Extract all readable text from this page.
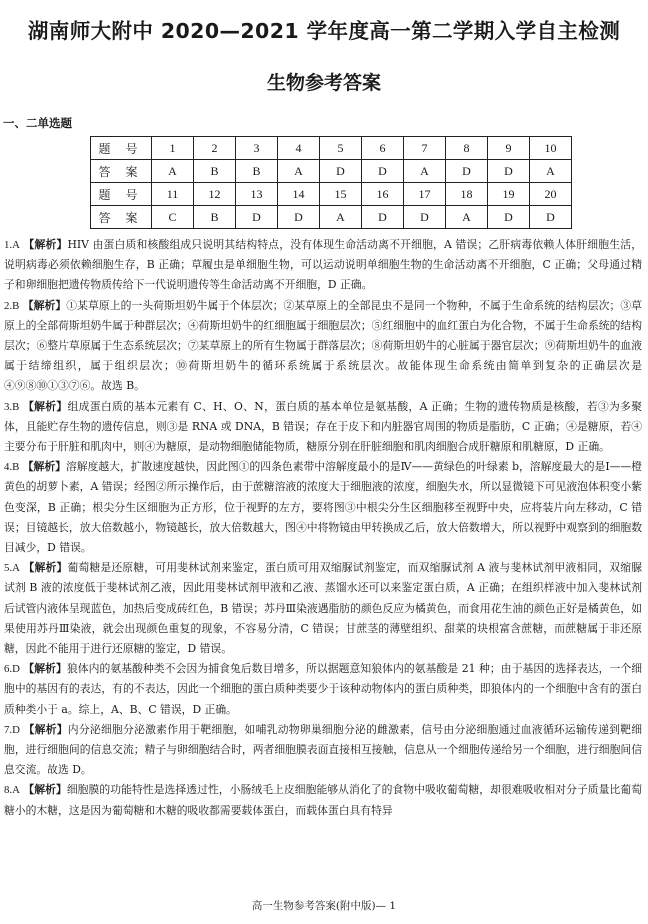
湖南师大附中 2020—2021 学年度高一第二学期入学自主检测
生物参考答案
一、二单选题
题 号	1	2	3	4	5	6	7	8	9	10
答 案	A	B	B	A	D	D	A	D	D	A
题 号	11	12	13	14	15	16	17	18	19	20
答 案	C	B	D	D	A	D	D	A	D	D

1.A 【解析】HIV 由蛋白质和核酸组成只说明其结构特点，没有体现生命活动离不开细胞，A 错误；乙肝病毒依赖人体肝细胞生活，说明病毒必须依赖细胞生存，B 正确；草履虫是单细胞生物，可以运动说明单细胞生物的生命活动离不开细胞，C 正确；父母通过精子和卵细胞把遗传物质传给下一代说明遗传等生命活动离不开细胞，D 正确。

2.B 【解析】①某草原上的一头荷斯坦奶牛属于个体层次；②某草原上的全部昆虫不是同一个物种，不属于生命系统的结构层次；③草原上的全部荷斯坦奶牛属于种群层次；④荷斯坦奶牛的红细胞属于细胞层次；⑤红细胞中的血红蛋白为化合物，不属于生命系统的结构层次；⑥整片草原属于生态系统层次；⑦某草原上的所有生物属于群落层次；⑧荷斯坦奶牛的心脏属于器官层次；⑨荷斯坦奶牛的血液属于结缔组织，属于组织层次；⑩荷斯坦奶牛的循环系统属于系统层次。故能体现生命系统由简单到复杂的正确层次是④⑨⑧⑩①③⑦⑥。故选 B。

3.B 【解析】组成蛋白质的基本元素有 C、H、O、N，蛋白质的基本单位是氨基酸，A 正确；生物的遗传物质是核酸，若③为多聚体，且能贮存生物的遗传信息，则③是 RNA 或 DNA，B 错误；存在于皮下和内脏器官周围的物质是脂肪，C 正确；④是糖原，若④主要分布于肝脏和肌肉中，则④为糖原，是动物细胞储能物质，糖原分别在肝脏细胞和肌肉细胞合成肝糖原和肌糖原，D 正确。

4.B 【解析】溶解度越大，扩散速度越快，因此图①的四条色素带中溶解度最小的是Ⅳ——黄绿色的叶绿素 b，溶解度最大的是Ⅰ——橙黄色的胡萝卜素，A 错误；经图②所示操作后，由于蔗糖溶液的浓度大于细胞液的浓度，细胞失水，所以显微镜下可见液泡体积变小紫色变深，B 正确；根尖分生区细胞为正方形，位于视野的左方，要将图③中根尖分生区细胞移至视野中央，应将装片向左移动，C 错误；目镜越长，放大倍数越小，物镜越长，放大倍数越大，图④中将物镜由甲转换成乙后，放大倍数增大，所以视野中观察到的细胞数目减少，D 错误。

5.A 【解析】葡萄糖是还原糖，可用斐林试剂来鉴定，蛋白质可用双缩脲试剂鉴定，而双缩脲试剂 A 液与斐林试剂甲液相同，双缩脲试剂 B 液的浓度低于斐林试剂乙液，因此用斐林试剂甲液和乙液、蒸馏水还可以来鉴定蛋白质，A 正确；在组织样液中加入斐林试剂后试管内液体呈现蓝色，加热后变成砖红色，B 错误；苏丹Ⅲ染液遇脂肪的颜色反应为橘黄色，而食用花生油的颜色正好是橘黄色，如果使用苏丹Ⅲ染液，就会出现颜色重复的现象，不容易分清，C 错误；甘蔗茎的薄壁组织、甜菜的块根富含蔗糖，而蔗糖属于非还原糖，因此不能用于进行还原糖的鉴定，D 错误。

6.D 【解析】狼体内的氨基酸种类不会因为捕食兔后数目增多，所以据题意知狼体内的氨基酸是 21 种；由于基因的选择表达，一个细胞中的基因有的表达，有的不表达，因此一个细胞的蛋白质种类要少于该种动物体内的蛋白质种类，即狼体内的一个细胞中含有的蛋白质种类小于 a。综上，A、B、C 错误，D 正确。

7.D 【解析】内分泌细胞分泌激素作用于靶细胞，如哺乳动物卵巢细胞分泌的雌激素，信号由分泌细胞通过血液循环运输传递到靶细胞，进行细胞间的信息交流；精子与卵细胞结合时，两者细胞膜表面直接相互接触，信息从一个细胞传递给另一个细胞，进行细胞间信息交流。故选 D。

8.A 【解析】细胞膜的功能特性是选择透过性，小肠绒毛上皮细胞能够从消化了的食物中吸收葡萄糖，却很难吸收相对分子质量比葡萄糖小的木糖，这是因为葡萄糖和木糖的吸收都需要载体蛋白，而载体蛋白具有特异

高一生物参考答案(附中版)— 1
